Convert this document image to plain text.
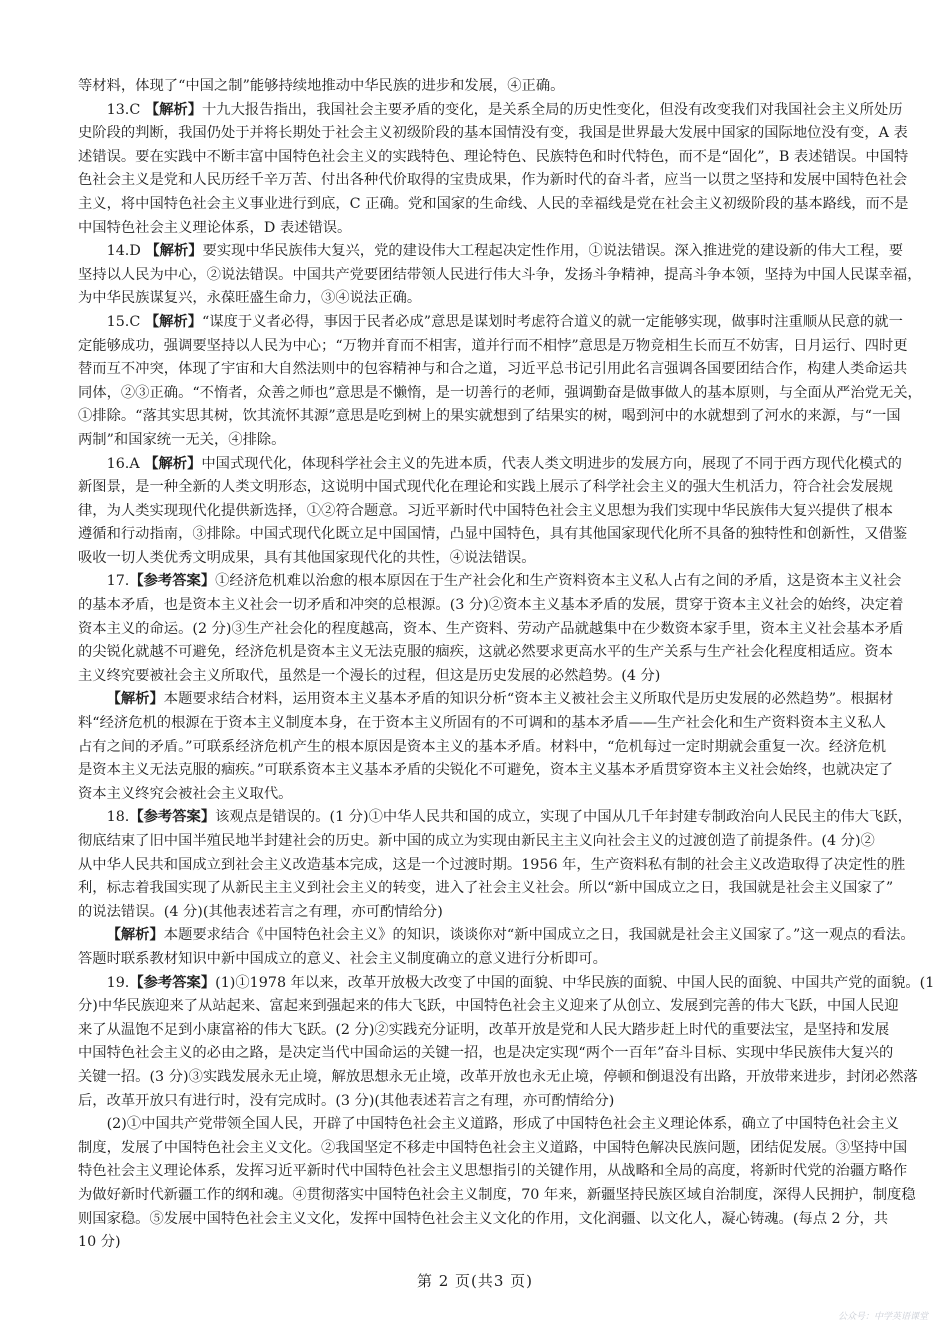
等材料，体现了“中国之制”能够持续地推动中华民族的进步和发展，④正确。
13.C 【解析】十九大报告指出，我国社会主要矛盾的变化，是关系全局的历史性变化，但没有改变我们对我国社会主义所处历
史阶段的判断，我国仍处于并将长期处于社会主义初级阶段的基本国情没有变，我国是世界最大发展中国家的国际地位没有变，A 表
述错误。要在实践中不断丰富中国特色社会主义的实践特色、理论特色、民族特色和时代特色，而不是“固化”，B 表述错误。中国特
色社会主义是党和人民历经千辛万苦、付出各种代价取得的宝贵成果，作为新时代的奋斗者，应当一以贯之坚持和发展中国特色社会
主义，将中国特色社会主义事业进行到底，C 正确。党和国家的生命线、人民的幸福线是党在社会主义初级阶段的基本路线，而不是
中国特色社会主义理论体系，D 表述错误。
14.D 【解析】要实现中华民族伟大复兴，党的建设伟大工程起决定性作用，①说法错误。深入推进党的建设新的伟大工程，要
坚持以人民为中心，②说法错误。中国共产党要团结带领人民进行伟大斗争，发扬斗争精神，提高斗争本领，坚持为中国人民谋幸福，
为中华民族谋复兴，永葆旺盛生命力，③④说法正确。
15.C 【解析】“谋度于义者必得，事因于民者必成”意思是谋划时考虑符合道义的就一定能够实现，做事时注重顺从民意的就一
定能够成功，强调要坚持以人民为中心；“万物并育而不相害，道并行而不相悖”意思是万物竞相生长而互不妨害，日月运行、四时更
替而互不冲突，体现了宇宙和大自然法则中的包容精神与和合之道，习近平总书记引用此名言强调各国要团结合作，构建人类命运共
同体，②③正确。“不惰者，众善之师也”意思是不懒惰，是一切善行的老师，强调勤奋是做事做人的基本原则，与全面从严治党无关，
①排除。“落其实思其树，饮其流怀其源”意思是吃到树上的果实就想到了结果实的树，喝到河中的水就想到了河水的来源，与“一国
两制”和国家统一无关，④排除。
16.A 【解析】中国式现代化，体现科学社会主义的先进本质，代表人类文明进步的发展方向，展现了不同于西方现代化模式的
新图景，是一种全新的人类文明形态，这说明中国式现代化在理论和实践上展示了科学社会主义的强大生机活力，符合社会发展规
律，为人类实现现代化提供新选择，①②符合题意。习近平新时代中国特色社会主义思想为我们实现中华民族伟大复兴提供了根本
遵循和行动指南，③排除。中国式现代化既立足中国国情，凸显中国特色，具有其他国家现代化所不具备的独特性和创新性，又借鉴
吸收一切人类优秀文明成果，具有其他国家现代化的共性，④说法错误。
17.【参考答案】①经济危机难以治愈的根本原因在于生产社会化和生产资料资本主义私人占有之间的矛盾，这是资本主义社会
的基本矛盾，也是资本主义社会一切矛盾和冲突的总根源。(3 分)②资本主义基本矛盾的发展，贯穿于资本主义社会的始终，决定着
资本主义的命运。(2 分)③生产社会化的程度越高，资本、生产资料、劳动产品就越集中在少数资本家手里，资本主义社会基本矛盾
的尖锐化就越不可避免，经济危机是资本主义无法克服的痼疾，这就必然要求更高水平的生产关系与生产社会化程度相适应。资本
主义终究要被社会主义所取代，虽然是一个漫长的过程，但这是历史发展的必然趋势。(4 分)
【解析】本题要求结合材料，运用资本主义基本矛盾的知识分析“资本主义被社会主义所取代是历史发展的必然趋势”。根据材
料“经济危机的根源在于资本主义制度本身，在于资本主义所固有的不可调和的基本矛盾——生产社会化和生产资料资本主义私人
占有之间的矛盾。”可联系经济危机产生的根本原因是资本主义的基本矛盾。材料中，“危机每过一定时期就会重复一次。经济危机
是资本主义无法克服的痼疾。”可联系资本主义基本矛盾的尖锐化不可避免，资本主义基本矛盾贯穿资本主义社会始终，也就决定了
资本主义终究会被社会主义取代。
18.【参考答案】该观点是错误的。(1 分)①中华人民共和国的成立，实现了中国从几千年封建专制政治向人民民主的伟大飞跃，
彻底结束了旧中国半殖民地半封建社会的历史。新中国的成立为实现由新民主主义向社会主义的过渡创造了前提条件。(4 分)②
从中华人民共和国成立到社会主义改造基本完成，这是一个过渡时期。1956 年，生产资料私有制的社会主义改造取得了决定性的胜
利，标志着我国实现了从新民主主义到社会主义的转变，进入了社会主义社会。所以“新中国成立之日，我国就是社会主义国家了”
的说法错误。(4 分)(其他表述若言之有理，亦可酌情给分)
【解析】本题要求结合《中国特色社会主义》的知识，谈谈你对“新中国成立之日，我国就是社会主义国家了。”这一观点的看法。
答题时联系教材知识中新中国成立的意义、社会主义制度确立的意义进行分析即可。
19.【参考答案】(1)①1978 年以来，改革开放极大改变了中国的面貌、中华民族的面貌、中国人民的面貌、中国共产党的面貌。(1
分)中华民族迎来了从站起来、富起来到强起来的伟大飞跃，中国特色社会主义迎来了从创立、发展到完善的伟大飞跃，中国人民迎
来了从温饱不足到小康富裕的伟大飞跃。(2 分)②实践充分证明，改革开放是党和人民大踏步赶上时代的重要法宝，是坚持和发展
中国特色社会主义的必由之路，是决定当代中国命运的关键一招，也是决定实现“两个一百年”奋斗目标、实现中华民族伟大复兴的
关键一招。(3 分)③实践发展永无止境，解放思想永无止境，改革开放也永无止境，停顿和倒退没有出路，开放带来进步，封闭必然落
后，改革开放只有进行时，没有完成时。(3 分)(其他表述若言之有理，亦可酌情给分)
(2)①中国共产党带领全国人民，开辟了中国特色社会主义道路，形成了中国特色社会主义理论体系，确立了中国特色社会主义
制度，发展了中国特色社会主义文化。②我国坚定不移走中国特色社会主义道路，中国特色解决民族问题，团结促发展。③坚持中国
特色社会主义理论体系，发挥习近平新时代中国特色社会主义思想指引的关键作用，从战略和全局的高度，将新时代党的治疆方略作
为做好新时代新疆工作的纲和魂。④贯彻落实中国特色社会主义制度，70 年来，新疆坚持民族区域自治制度，深得人民拥护，制度稳
则国家稳。⑤发展中国特色社会主义文化，发挥中国特色社会主义文化的作用，文化润疆、以文化人，凝心铸魂。(每点 2 分，共
10 分)
第 2 页(共3 页)
公众号：中学英语课堂
